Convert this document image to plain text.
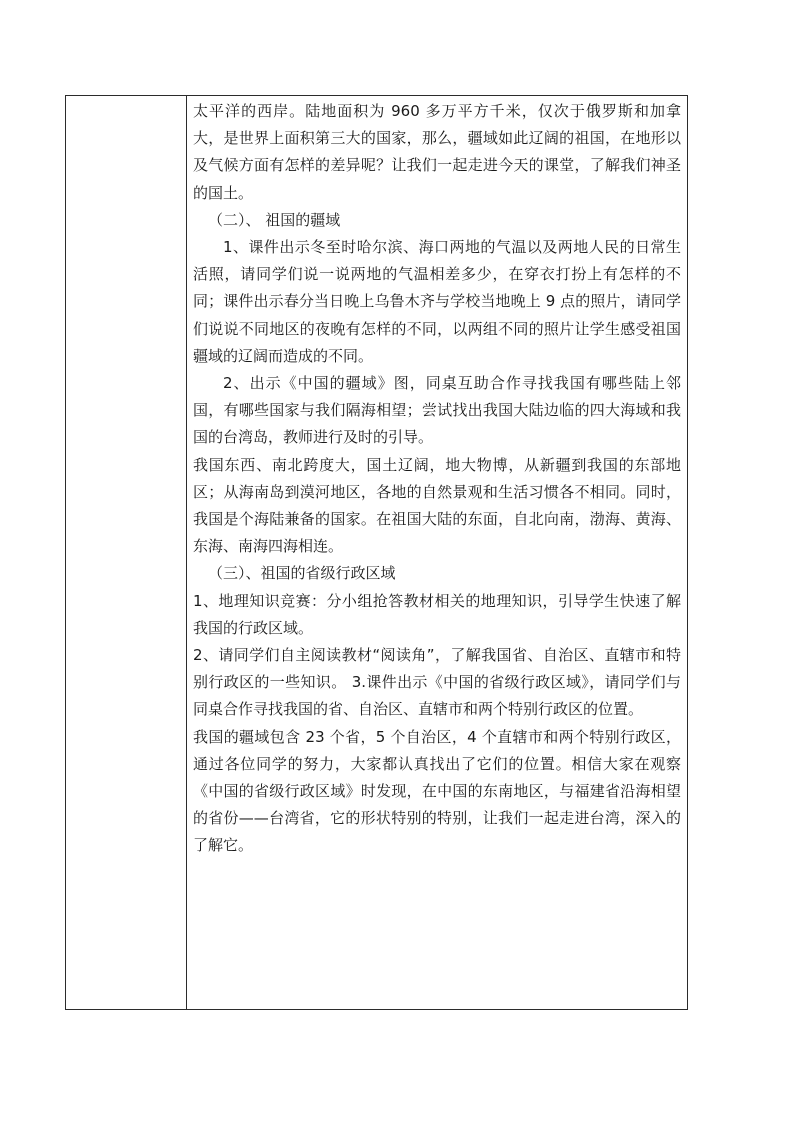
太平洋的西岸。陆地面积为 960 多万平方千米，仅次于俄罗斯和加拿大，是世界上面积第三大的国家，那么，疆域如此辽阔的祖国，在地形以及气候方面有怎样的差异呢？让我们一起走进今天的课堂，了解我们神圣的国土。

（二）、 祖国的疆域

1、课件出示冬至时哈尔滨、海口两地的气温以及两地人民的日常生活照，请同学们说一说两地的气温相差多少，在穿衣打扮上有怎样的不同；课件出示春分当日晚上乌鲁木齐与学校当地晚上 9 点的照片，请同学们说说不同地区的夜晚有怎样的不同，以两组不同的照片让学生感受祖国疆域的辽阔而造成的不同。

2、出示《中国的疆域》图，同桌互助合作寻找我国有哪些陆上邻国，有哪些国家与我们隔海相望；尝试找出我国大陆边临的四大海域和我国的台湾岛，教师进行及时的引导。

我国东西、南北跨度大，国土辽阔，地大物博，从新疆到我国的东部地区；从海南岛到漠河地区，各地的自然景观和生活习惯各不相同。同时，我国是个海陆兼备的国家。在祖国大陆的东面，自北向南，渤海、黄海、东海、南海四海相连。

（三）、祖国的省级行政区域

1、地理知识竞赛：分小组抢答教材相关的地理知识，引导学生快速了解我国的行政区域。

2、请同学们自主阅读教材“阅读角”，了解我国省、自治区、直辖市和特别行政区的一些知识。 3.课件出示《中国的省级行政区域》，请同学们与同桌合作寻找我国的省、自治区、直辖市和两个特别行政区的位置。

我国的疆域包含 23 个省，5 个自治区，4 个直辖市和两个特别行政区，通过各位同学的努力，大家都认真找出了它们的位置。相信大家在观察《中国的省级行政区域》时发现，在中国的东南地区，与福建省沿海相望的省份——台湾省，它的形状特别的特别，让我们一起走进台湾，深入的了解它。
